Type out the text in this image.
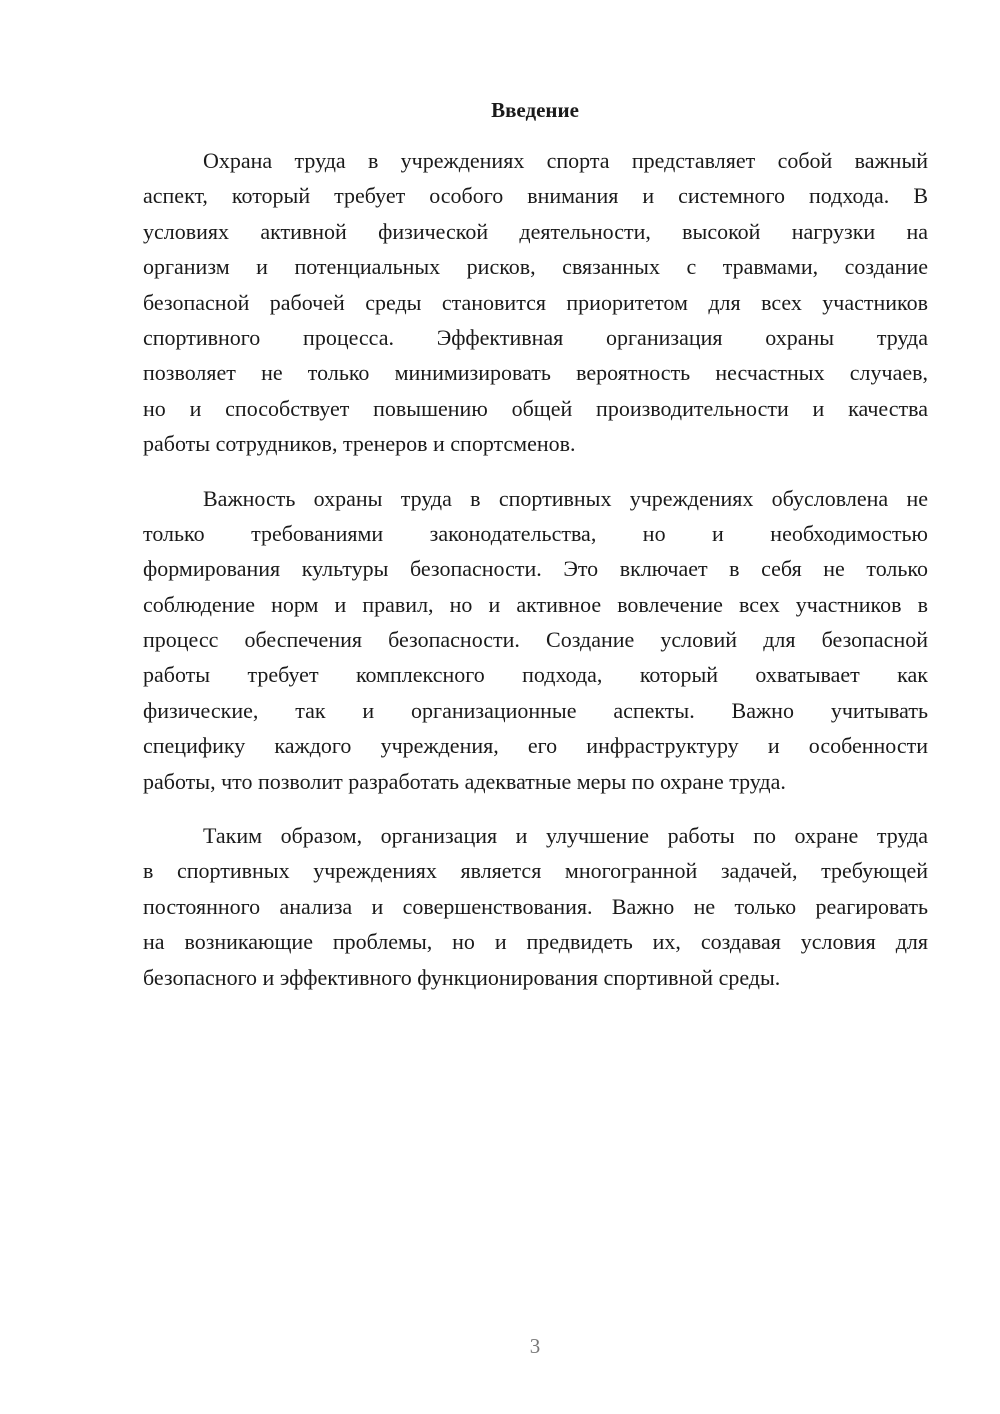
Введение
Охрана труда в учреждениях спорта представляет собой важный
аспект, который требует особого внимания и системного подхода. В
условиях активной физической деятельности, высокой нагрузки на
организм и потенциальных рисков, связанных с травмами, создание
безопасной рабочей среды становится приоритетом для всех участников
спортивного процесса. Эффективная организация охраны труда
позволяет не только минимизировать вероятность несчастных случаев,
но и способствует повышению общей производительности и качества
работы сотрудников, тренеров и спортсменов.
Важность охраны труда в спортивных учреждениях обусловлена не
только требованиями законодательства, но и необходимостью
формирования культуры безопасности. Это включает в себя не только
соблюдение норм и правил, но и активное вовлечение всех участников в
процесс обеспечения безопасности. Создание условий для безопасной
работы требует комплексного подхода, который охватывает как
физические, так и организационные аспекты. Важно учитывать
специфику каждого учреждения, его инфраструктуру и особенности
работы, что позволит разработать адекватные меры по охране труда.
Таким образом, организация и улучшение работы по охране труда
в спортивных учреждениях является многогранной задачей, требующей
постоянного анализа и совершенствования. Важно не только реагировать
на возникающие проблемы, но и предвидеть их, создавая условия для
безопасного и эффективного функционирования спортивной среды.
3
